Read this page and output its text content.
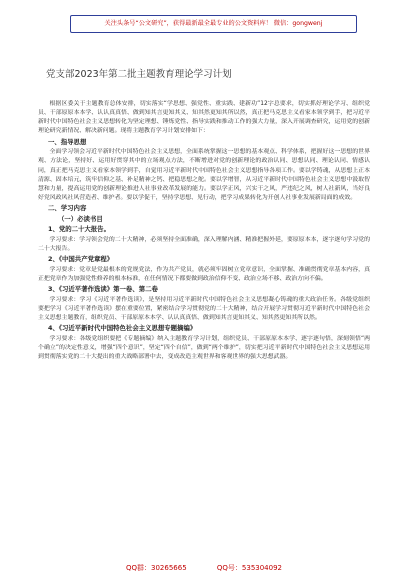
关注头条号“公文研究”，获得最新最全最专业的公文资料库！ 微信：gongwenj
党支部2023年第二批主题教育理论学习计划

根据区委关于主题教育总体安排，切实落实“学思想、强党性、重实践、建新功”12字总要求，切实抓好理论学习、组织党员、干部原原本本学、认认真真悟、做到知其言更知其义、知其然更知其所以然，真正把马克思主义看家本领学到手，把习近平新时代中国特色社会主义思想转化为坚定理想、锤炼党性、指导实践和推动工作的强大力量，深入开展调查研究，运用党的创新理论研究新情况、解决新问题。现将主题教育学习计划安排如下：

一、指导思想

全面学习领会习近平新时代中国特色社会主义思想，全面系统掌握这一思想的基本观点、科学体系，把握好这一思想的世界观、方法论，坚持好、运用好贯穿其中的立场观点方法，不断增进对党的创新理论的政治认同、思想认同、理论认同、情感认同，真正把马克思主义看家本领学到手，自觉用习近平新时代中国特色社会主义思想指导各项工作。要以学铸魂，从思想上正本清源、固本培元，筑牢信仰之基、补足精神之钙、把稳思想之舵。要以学增智，从习近平新时代中国特色社会主义思想中汲取智慧和力量，提高运用党的创新理论推进人社事业改革发展的能力。要以学正风，兴实干之风，严违纪之风，树人社新风，当好良好党风政风社风营造者、维护者。要以学促干，坚持学思想、见行动，把学习成果转化为开创人社事业发展新局面的成效。

二、学习内容
（一）必读书目
1、党的二十大报告。

学习要求：学习领会党的二十大精神，必须坚持全面准确，深入理解内涵、精准把握外延，要原原本本，逐字逐句学习党的二十大报告。

2、《中国共产党章程》

学习要求：党章是党最根本的党规党法，作为共产党员，就必须牢固树立党章意识，全面掌握、准确贯彻党章基本内容，真正把党章作为加强党性修养的根本标准，在任何情况下都要做到政治信仰不变、政治立场不移、政治方向不偏。

3、《习近平著作选读》第一卷、第二卷

学习要求：学习《习近平著作选读》，是坚持用习近平新时代中国特色社会主义思想凝心铸魂的重大政治任务。各级党组织要把学习《习近平著作选读》摆在重要位置，紧密结合学习贯彻党的二十大精神，结合开展学习贯彻习近平新时代中国特色社会主义思想主题教育，组织党员、干部原原本本学、认认真真悟、做到知其言更知其义、知其然更知其所以然。

4、《习近平新时代中国特色社会主义思想专题摘编》

学习要求：各级党组织要把《专题摘编》纳入主题教育学习计划，组织党员、干部原原本本学、逐字逐句悟，深刻领悟“两个确立”的决定性意义，增强“四个意识”，坚定“四个自信”，做到“两个维护”，切实把习近平新时代中国特色社会主义思想运用到贯彻落实党的二十大提出的重大战略部署中去，变成改造主观世界和客观世界的强大思想武器。

QQ群：30265665	QQ号：535304092
